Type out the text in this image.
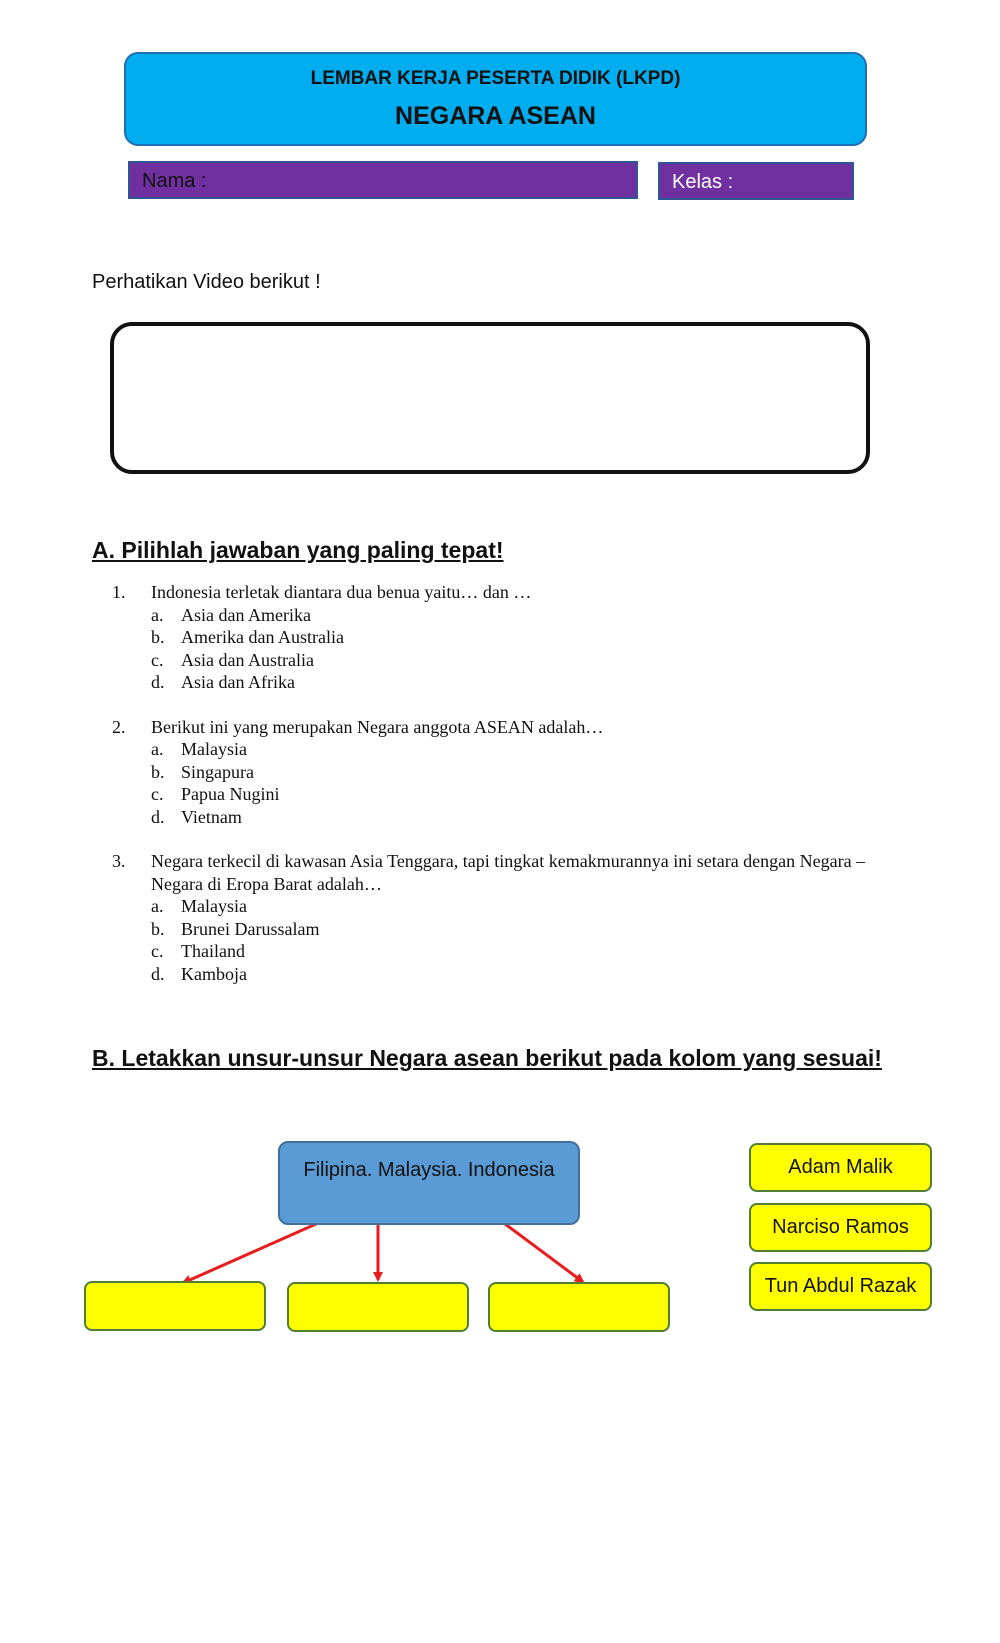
LEMBAR KERJA PESERTA DIDIK (LKPD)
NEGARA ASEAN
Nama :	Kelas :
Perhatikan Video berikut !
A. Pilihlah jawaban yang paling tepat!
1. Indonesia terletak diantara dua benua yaitu… dan …
a. Asia dan Amerika
b. Amerika dan Australia
c. Asia dan Australia
d. Asia dan Afrika
2. Berikut ini yang merupakan Negara anggota ASEAN adalah…
a. Malaysia
b. Singapura
c. Papua Nugini
d. Vietnam
3. Negara terkecil di kawasan Asia Tenggara, tapi tingkat kemakmurannya ini setara dengan Negara – Negara di Eropa Barat adalah…
a. Malaysia
b. Brunei Darussalam
c. Thailand
d. Kamboja
B. Letakkan unsur-unsur Negara asean berikut pada kolom yang sesuai!
Filipina. Malaysia. Indonesia	Adam Malik
Narciso Ramos
Tun Abdul Razak
